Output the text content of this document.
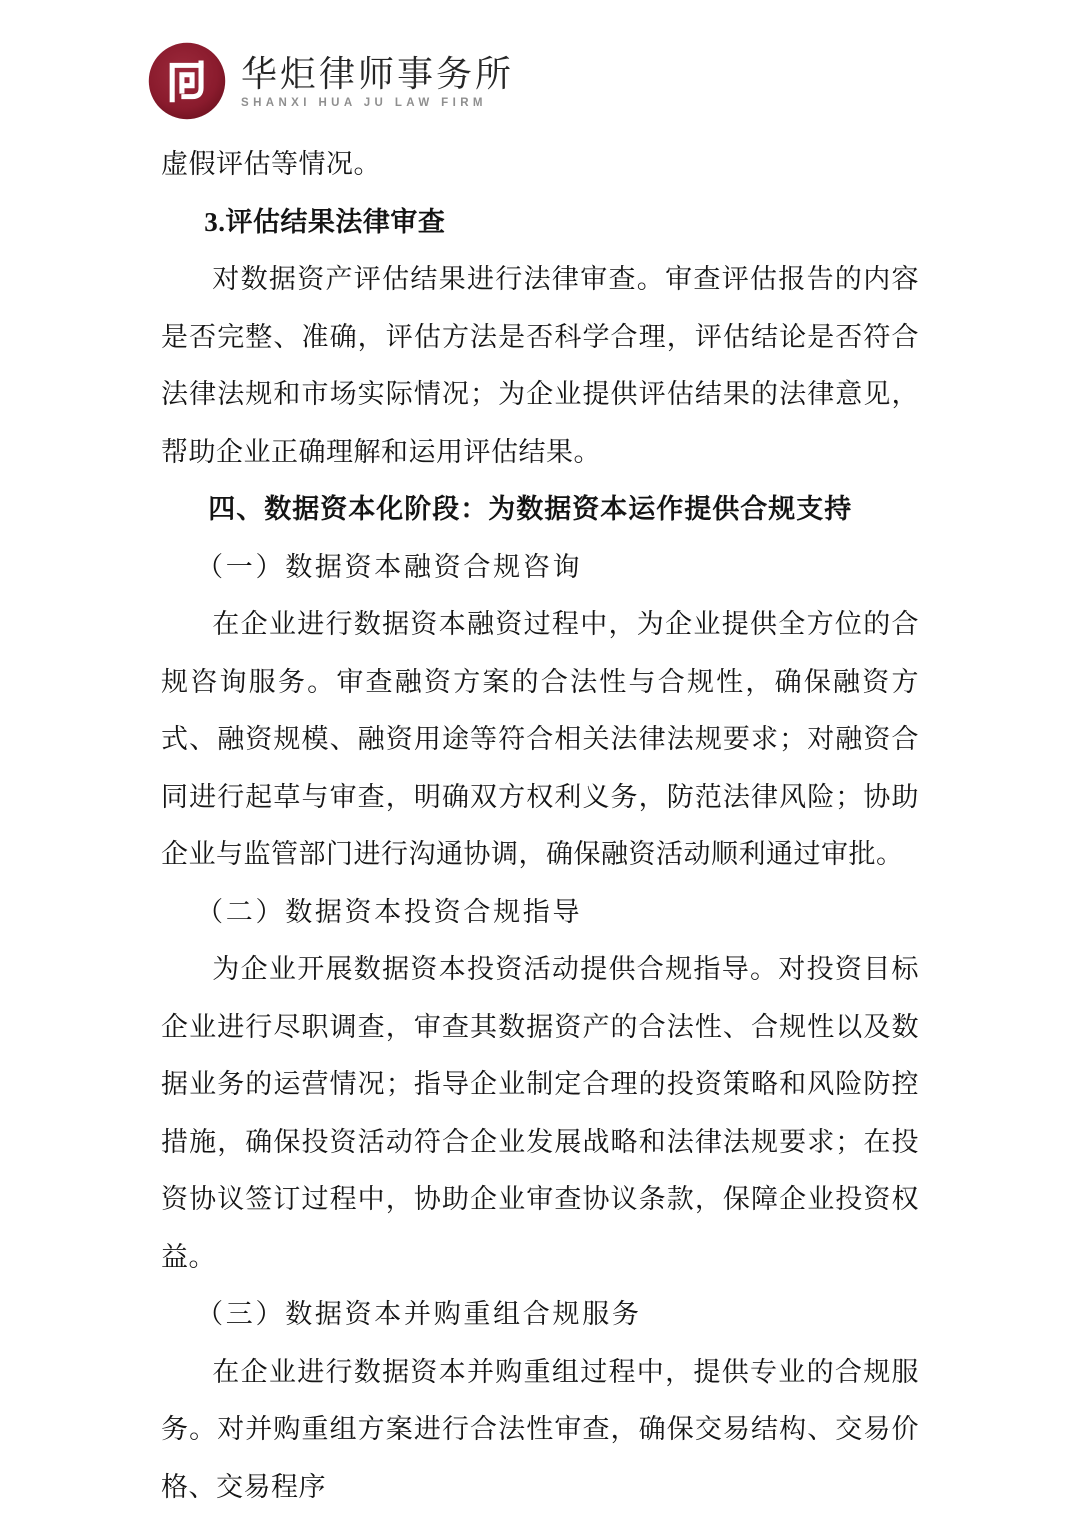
华炬律师事务所
SHANXI HUA JU LAW FIRM
虚假评估等情况。
3.评估结果法律审查
对数据资产评估结果进行法律审查。审查评估报告的内容是否完整、准确，评估方法是否科学合理，评估结论是否符合法律法规和市场实际情况；为企业提供评估结果的法律意见，帮助企业正确理解和运用评估结果。
四、数据资本化阶段：为数据资本运作提供合规支持
（一）数据资本融资合规咨询
在企业进行数据资本融资过程中，为企业提供全方位的合规咨询服务。审查融资方案的合法性与合规性，确保融资方式、融资规模、融资用途等符合相关法律法规要求；对融资合同进行起草与审查，明确双方权利义务，防范法律风险；协助企业与监管部门进行沟通协调，确保融资活动顺利通过审批。
（二）数据资本投资合规指导
为企业开展数据资本投资活动提供合规指导。对投资目标企业进行尽职调查，审查其数据资产的合法性、合规性以及数据业务的运营情况；指导企业制定合理的投资策略和风险防控措施，确保投资活动符合企业发展战略和法律法规要求；在投资协议签订过程中，协助企业审查协议条款，保障企业投资权益。
（三）数据资本并购重组合规服务
在企业进行数据资本并购重组过程中，提供专业的合规服务。对并购重组方案进行合法性审查，确保交易结构、交易价格、交易程序
